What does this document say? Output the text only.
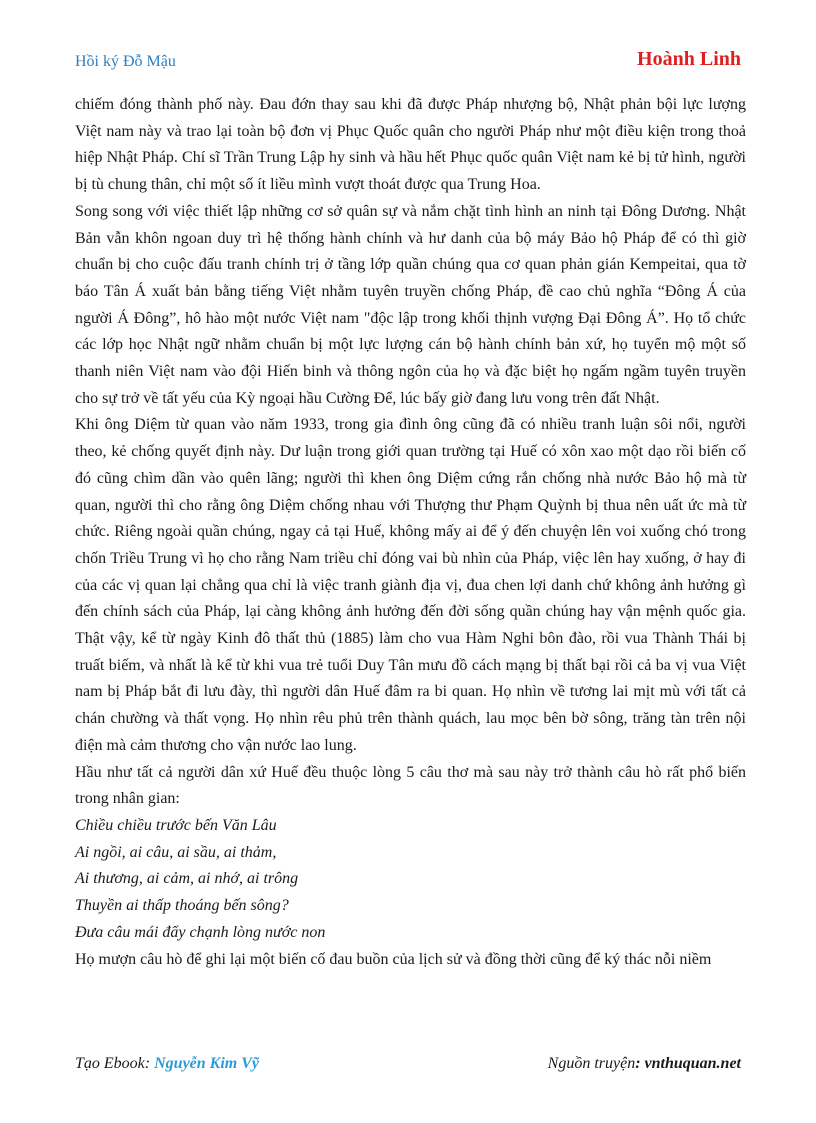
Hồi ký Đỗ Mậu	Hoành Linh

chiếm đóng thành phố này. Đau đớn thay sau khi đã được Pháp nhượng bộ, Nhật phản bội lực lượng Việt nam này và trao lại toàn bộ đơn vị Phục Quốc quân cho người Pháp như một điều kiện trong thoả hiệp Nhật Pháp. Chí sĩ Trần Trung Lập hy sinh và hầu hết Phục quốc quân Việt nam kẻ bị tử hình, người bị tù chung thân, chỉ một số ít liều mình vượt thoát được qua Trung Hoa.

Song song với việc thiết lập những cơ sở quân sự và nắm chặt tình hình an ninh tại Đông Dương. Nhật Bản vẫn khôn ngoan duy trì hệ thống hành chính và hư danh của bộ máy Bảo hộ Pháp để có thì giờ chuẩn bị cho cuộc đấu tranh chính trị ở tầng lớp quần chúng qua cơ quan phản gián Kempeitai, qua tờ báo Tân Á xuất bản bằng tiếng Việt nhằm tuyên truyền chống Pháp, đề cao chủ nghĩa “Đông Á của người Á Đông”, hô hào một nước Việt nam "độc lập trong khối thịnh vượng Đại Đông Á”. Họ tổ chức các lớp học Nhật ngữ nhằm chuẩn bị một lực lượng cán bộ hành chính bản xứ, họ tuyển mộ một số thanh niên Việt nam vào đội Hiến binh và thông ngôn của họ và đặc biệt họ ngấm ngầm tuyên truyền cho sự trở về tất yếu của Kỳ ngoại hầu Cường Để, lúc bấy giờ đang lưu vong trên đất Nhật.

Khi ông Diệm từ quan vào năm 1933, trong gia đình ông cũng đã có nhiều tranh luận sôi nổi, người theo, kẻ chống quyết định này. Dư luận trong giới quan trường tại Huế có xôn xao một dạo rồi biến cố đó cũng chìm dần vào quên lãng; người thì khen ông Diệm cứng rắn chống nhà nước Bảo hộ mà từ quan, người thì cho rằng ông Diệm chống nhau với Thượng thư Phạm Quỳnh bị thua nên uất ức mà từ chức. Riêng ngoài quần chúng, ngay cả tại Huế, không mấy ai để ý đến chuyện lên voi xuống chó trong chốn Triều Trung vì họ cho rằng Nam triều chỉ đóng vai bù nhìn của Pháp, việc lên hay xuống, ở hay đi của các vị quan lại chẳng qua chỉ là việc tranh giành địa vị, đua chen lợi danh chứ không ảnh hưởng gì đến chính sách của Pháp, lại càng không ảnh hưởng đến đời sống quần chúng hay vận mệnh quốc gia. Thật vậy, kể từ ngày Kinh đô thất thủ (1885) làm cho vua Hàm Nghi bôn đào, rồi vua Thành Thái bị truất biếm, và nhất là kể từ khi vua trẻ tuổi Duy Tân mưu đồ cách mạng bị thất bại rồi cả ba vị vua Việt nam bị Pháp bắt đi lưu đày, thì người dân Huế đâm ra bi quan. Họ nhìn về tương lai mịt mù với tất cả chán chường và thất vọng. Họ nhìn rêu phủ trên thành quách, lau mọc bên bờ sông, trăng tàn trên nội điện mà cảm thương cho vận nước lao lung.

Hầu như tất cả người dân xứ Huế đều thuộc lòng 5 câu thơ mà sau này trở thành câu hò rất phổ biến trong nhân gian:

Chiều chiều trước bến Văn Lâu

Ai ngồi, ai câu, ai sầu, ai thảm,

Ai thương, ai cảm, ai nhớ, ai trông

Thuyền ai thấp thoáng bến sông?

Đưa câu mái đẩy chạnh lòng nước non

Họ mượn câu hò để ghi lại một biến cố đau buồn của lịch sử và đồng thời cũng để ký thác nỗi niềm

Tạo Ebook: Nguyễn Kim Vỹ	Nguồn truyện: vnthuquan.net
